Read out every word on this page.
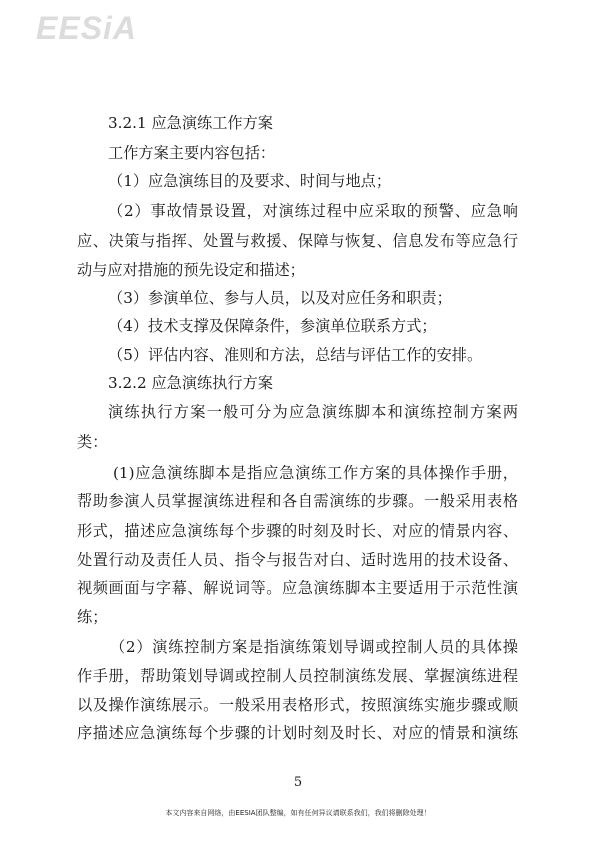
EESiA
3.2.1 应急演练工作方案
工作方案主要内容包括：
（1）应急演练目的及要求、时间与地点；
（2）事故情景设置，对演练过程中应采取的预警、应急响
应、决策与指挥、处置与救援、保障与恢复、信息发布等应急行
动与应对措施的预先设定和描述；
（3）参演单位、参与人员，以及对应任务和职责；
（4）技术支撑及保障条件，参演单位联系方式；
（5）评估内容、准则和方法，总结与评估工作的安排。
3.2.2 应急演练执行方案
演练执行方案一般可分为应急演练脚本和演练控制方案两
类：
(1)应急演练脚本是指应急演练工作方案的具体操作手册，
帮助参演人员掌握演练进程和各自需演练的步骤。一般采用表格
形式，描述应急演练每个步骤的时刻及时长、对应的情景内容、
处置行动及责任人员、指令与报告对白、适时选用的技术设备、
视频画面与字幕、解说词等。应急演练脚本主要适用于示范性演
练；
（2）演练控制方案是指演练策划导调或控制人员的具体操
作手册，帮助策划导调或控制人员控制演练发展、掌握演练进程
以及操作演练展示。一般采用表格形式，按照演练实施步骤或顺
序描述应急演练每个步骤的计划时刻及时长、对应的情景和演练
5
本文内容来自网络，由EESIA团队整编，如有任何异议请联系我们，我们将删除处理！
